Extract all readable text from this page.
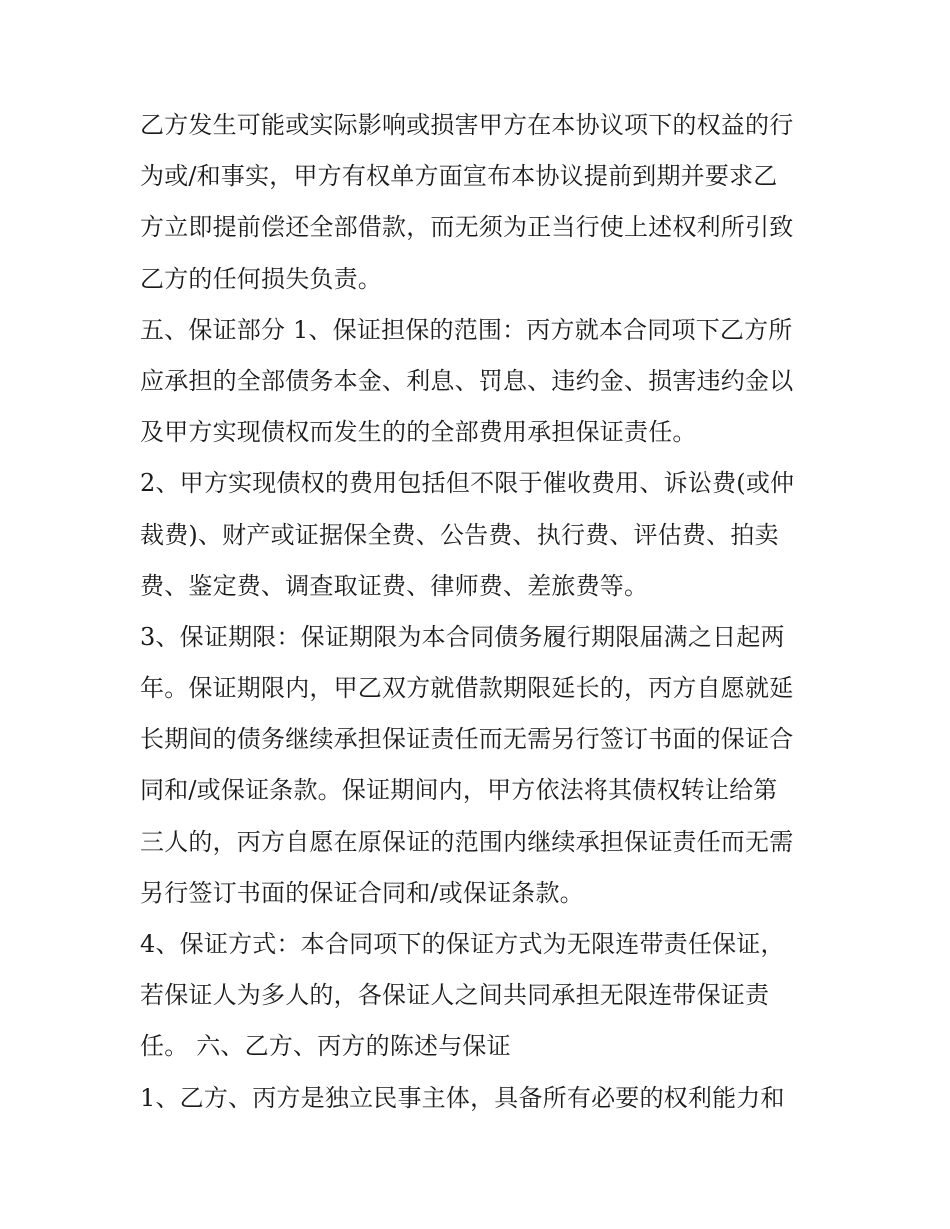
乙方发生可能或实际影响或损害甲方在本协议项下的权益的行
为或/和事实，甲方有权单方面宣布本协议提前到期并要求乙
方立即提前偿还全部借款，而无须为正当行使上述权利所引致
乙方的任何损失负责。
五、保证部分 1、保证担保的范围：丙方就本合同项下乙方所
应承担的全部债务本金、利息、罚息、违约金、损害违约金以
及甲方实现债权而发生的的全部费用承担保证责任。
2、甲方实现债权的费用包括但不限于催收费用、诉讼费(或仲
裁费)、财产或证据保全费、公告费、执行费、评估费、拍卖
费、鉴定费、调查取证费、律师费、差旅费等。
3、保证期限：保证期限为本合同债务履行期限届满之日起两
年。保证期限内，甲乙双方就借款期限延长的，丙方自愿就延
长期间的债务继续承担保证责任而无需另行签订书面的保证合
同和/或保证条款。保证期间内，甲方依法将其债权转让给第
三人的，丙方自愿在原保证的范围内继续承担保证责任而无需
另行签订书面的保证合同和/或保证条款。
4、保证方式：本合同项下的保证方式为无限连带责任保证，
若保证人为多人的，各保证人之间共同承担无限连带保证责
任。 六、乙方、丙方的陈述与保证
1、乙方、丙方是独立民事主体，具备所有必要的权利能力和
